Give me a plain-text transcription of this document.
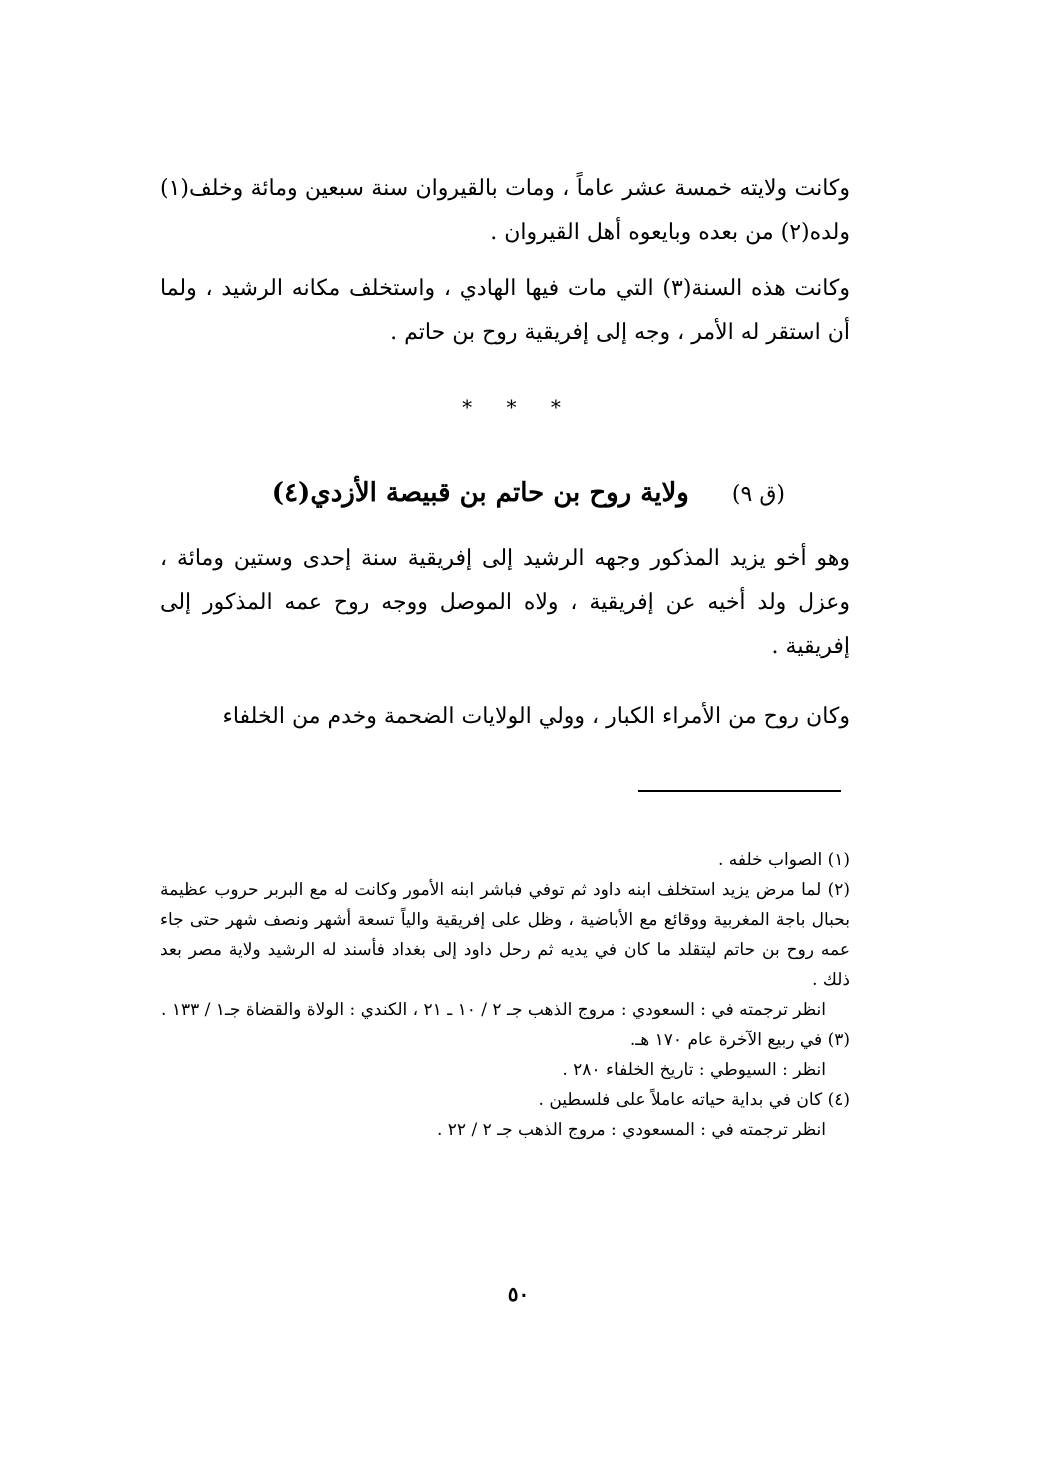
وكانت ولايته خمسة عشر عاماً ، ومات بالقيروان سنة سبعين ومائة وخلف(١) ولده(٢) من بعده وبايعوه أهل القيروان .

وكانت هذه السنة(٣) التي مات فيها الهادي ، واستخلف مكانه الرشيد ، ولما أن استقر له الأمر ، وجه إلى إفريقية روح بن حاتم .

* * *
(ق ٩) ولاية روح بن حاتم بن قبيصة الأزدي(٤)

وهو أخو يزيد المذكور وجهه الرشيد إلى إفريقية سنة إحدى وستين ومائة ، وعزل ولد أخيه عن إفريقية ، ولاه الموصل ووجه روح عمه المذكور إلى إفريقية .

وكان روح من الأمراء الكبار ، وولي الولايات الضحمة وخدم من الخلفاء

(١) الصواب خلفه .

(٢) لما مرض يزيد استخلف ابنه داود ثم توفي فباشر ابنه الأمور وكانت له مع البربر حروب عظيمة بحبال باجة المغربية ووقائع مع الأباضية ، وظل على إفريقية والياً تسعة أشهر ونصف شهر حتى جاء عمه روح بن حاتم ليتقلد ما كان في يديه ثم رحل داود إلى بغداد فأسند له الرشيد ولاية مصر بعد ذلك .

انظر ترجمته في : السعودي : مروج الذهب جـ ٢ / ١٠ ـ ٢١ ، الكندي : الولاة والقضاة جـ١ / ١٣٣ .

(٣) في ربيع الآخرة عام ١٧٠ هـ.

انظر : السيوطي : تاريخ الخلفاء ٢٨٠ .

(٤) كان في بداية حياته عاملاً على فلسطين .

انظر ترجمته في : المسعودي : مروج الذهب جـ ٢ / ٢٢ .

٥٠
